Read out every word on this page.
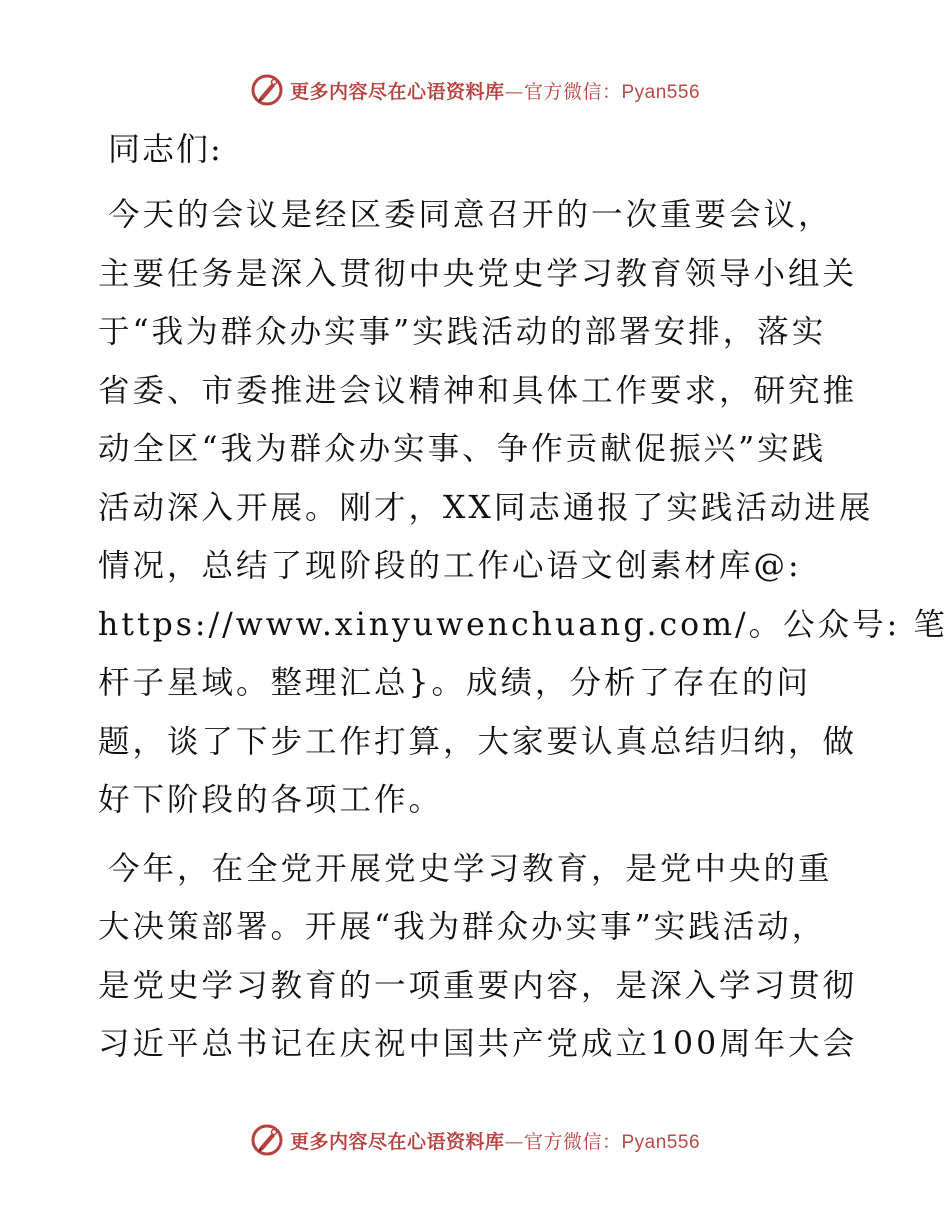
更多内容尽在心语资料库—官方微信：Pyan556
同志们:
今天的会议是经区委同意召开的一次重要会议，
主要任务是深入贯彻中央党史学习教育领导小组关
于“我为群众办实事”实践活动的部署安排，落实
省委、市委推进会议精神和具体工作要求，研究推
动全区“我为群众办实事、争作贡献促振兴”实践
活动深入开展。刚才，XX同志通报了实践活动进展
情况，总结了现阶段的工作心语文创素材库@:
https://www.xinyuwenchuang.com/。公众号: 笔
杆子星域。整理汇总}。成绩，分析了存在的问
题，谈了下步工作打算，大家要认真总结归纳，做
好下阶段的各项工作。
今年，在全党开展党史学习教育，是党中央的重
大决策部署。开展“我为群众办实事”实践活动，
是党史学习教育的一项重要内容，是深入学习贯彻
习近平总书记在庆祝中国共产党成立100周年大会
更多内容尽在心语资料库—官方微信：Pyan556
